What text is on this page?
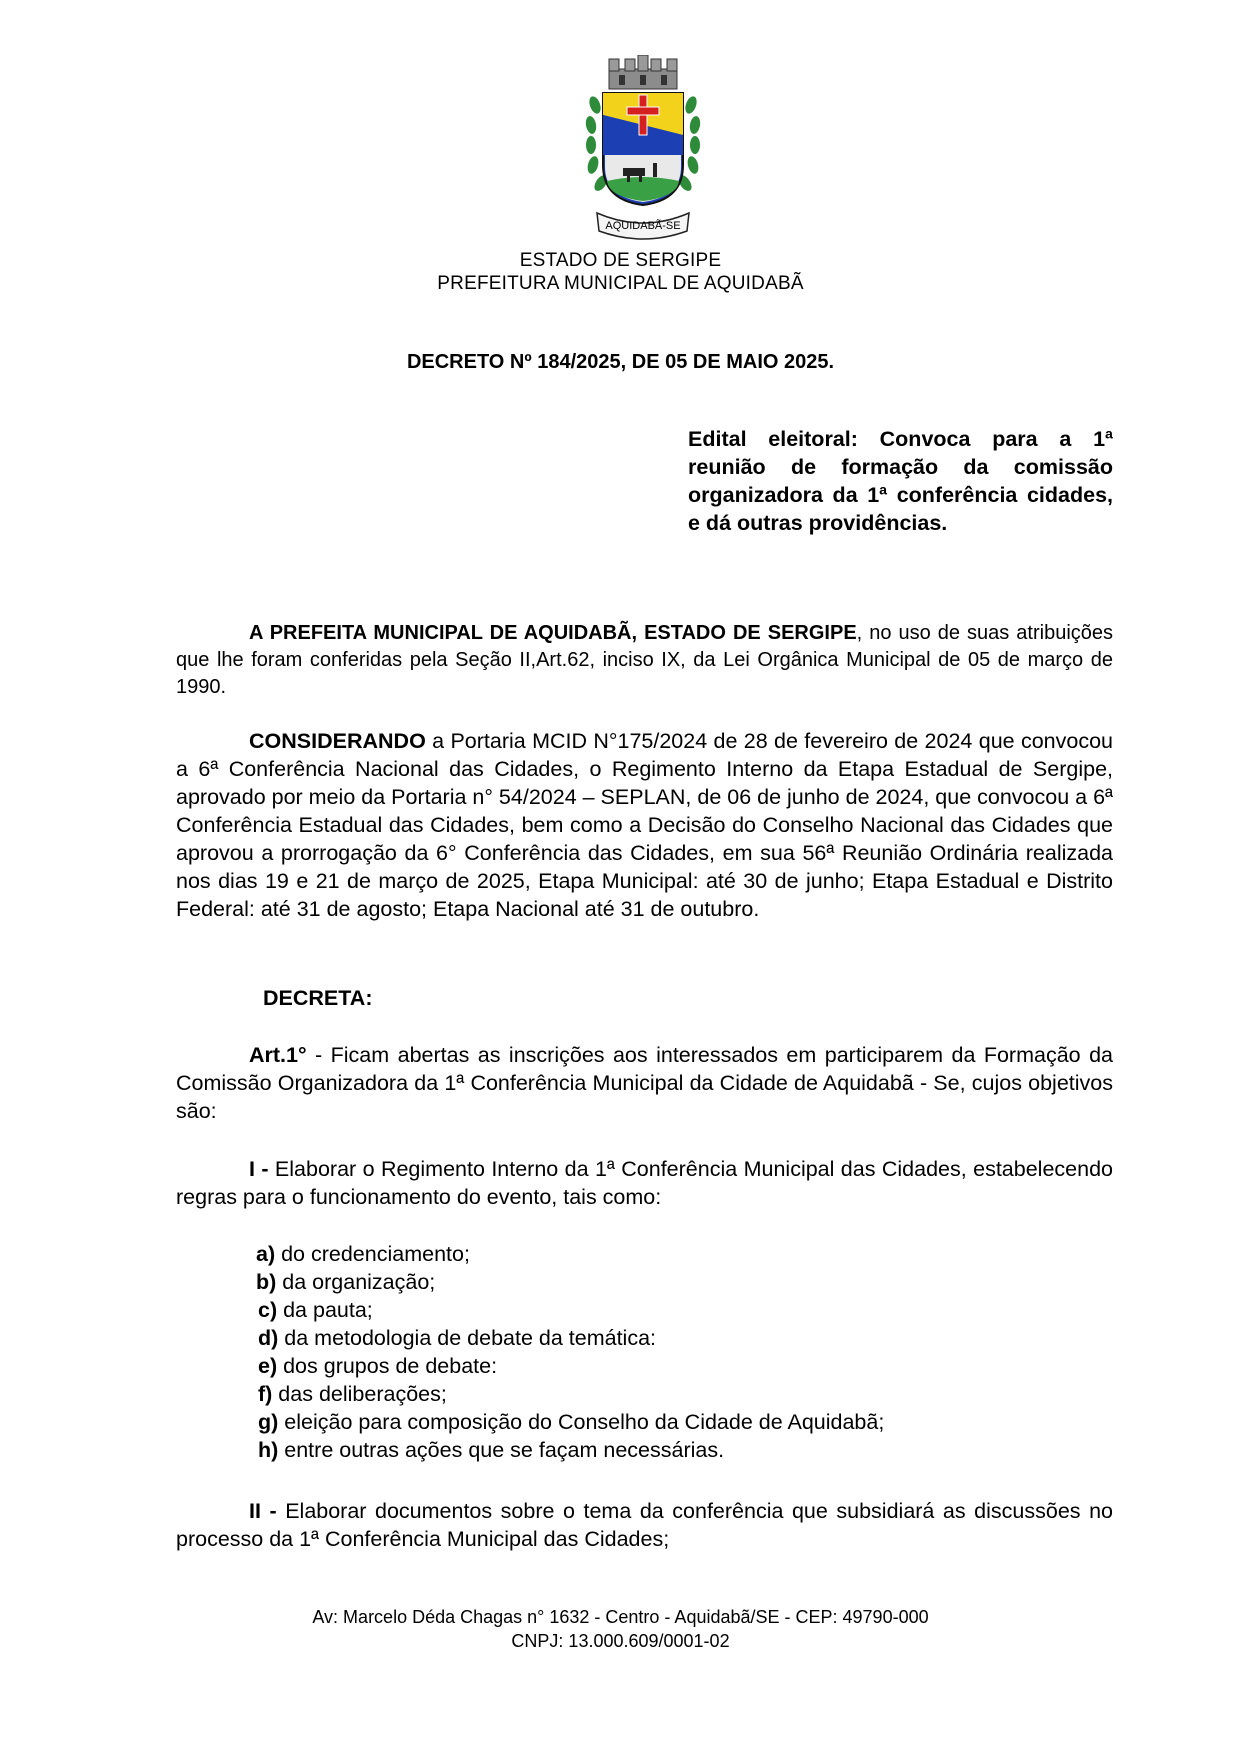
AQUIDABÃ-SE
ESTADO DE SERGIPE
PREFEITURA MUNICIPAL DE AQUIDABÃ
DECRETO Nº 184/2025, DE 05 DE MAIO 2025.
Edital eleitoral: Convoca para a 1ª reunião de formação da comissão organizadora da 1ª conferência cidades, e dá outras providências.
A PREFEITA MUNICIPAL DE AQUIDABÃ, ESTADO DE SERGIPE, no uso de suas atribuições que lhe foram conferidas pela Seção II,Art.62, inciso IX, da Lei Orgânica Municipal de 05 de março de 1990.
CONSIDERANDO a Portaria MCID N°175/2024 de 28 de fevereiro de 2024 que convocou a 6ª Conferência Nacional das Cidades, o Regimento Interno da Etapa Estadual de Sergipe, aprovado por meio da Portaria n° 54/2024 – SEPLAN, de 06 de junho de 2024, que convocou a 6ª Conferência Estadual das Cidades, bem como a Decisão do Conselho Nacional das Cidades que aprovou a prorrogação da 6° Conferência das Cidades, em sua 56ª Reunião Ordinária realizada nos dias 19 e 21 de março de 2025, Etapa Municipal: até 30 de junho; Etapa Estadual e Distrito Federal: até 31 de agosto; Etapa Nacional até 31 de outubro.
DECRETA:
Art.1° - Ficam abertas as inscrições aos interessados em participarem da Formação da Comissão Organizadora da 1ª Conferência Municipal da Cidade de Aquidabã - Se, cujos objetivos são:
I - Elaborar o Regimento Interno da 1ª Conferência Municipal das Cidades, estabelecendo regras para o funcionamento do evento, tais como:
a) do credenciamento;
b) da organização;
c) da pauta;
d) da metodologia de debate da temática:
e) dos grupos de debate:
f) das deliberações;
g) eleição para composição do Conselho da Cidade de Aquidabã;
h) entre outras ações que se façam necessárias.
II - Elaborar documentos sobre o tema da conferência que subsidiará as discussões no processo da 1ª Conferência Municipal das Cidades;
Av: Marcelo Déda Chagas n° 1632 - Centro - Aquidabã/SE - CEP: 49790-000
CNPJ: 13.000.609/0001-02
